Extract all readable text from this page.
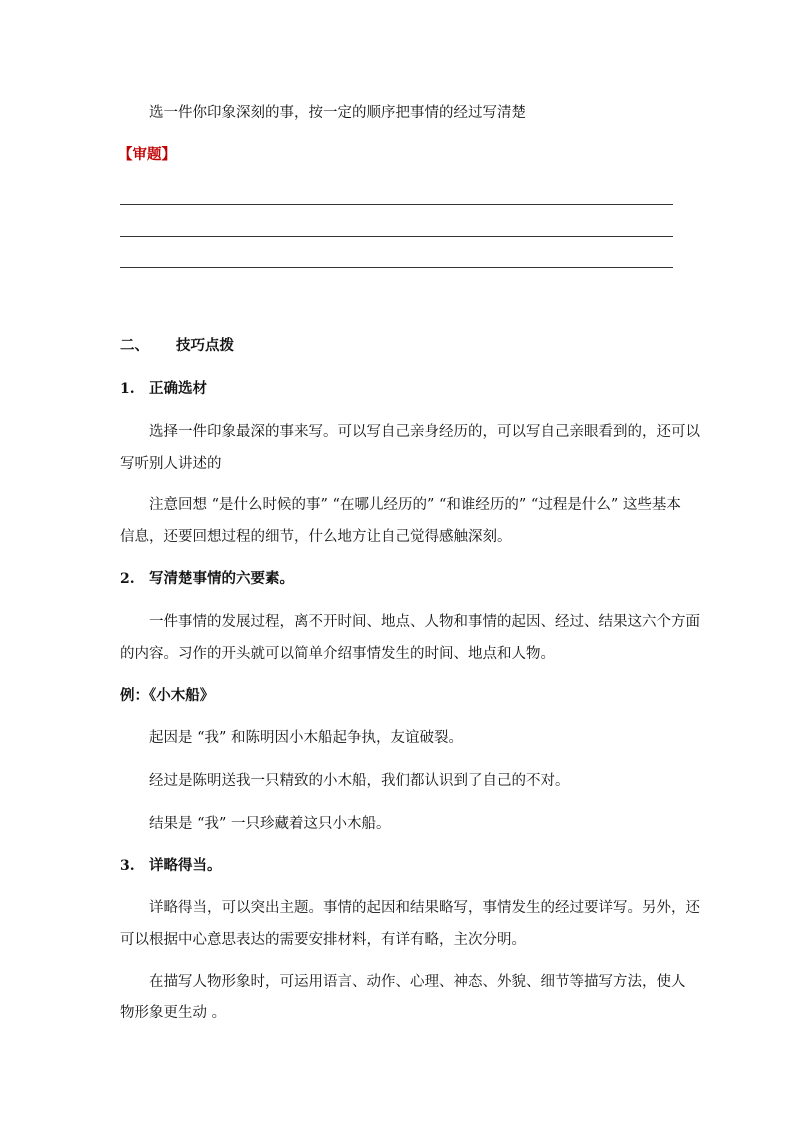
选一件你印象深刻的事，按一定的顺序把事情的经过写清楚
【审题】
二、 技巧点拨
1. 正确选材
选择一件印象最深的事来写。可以写自己亲身经历的，可以写自己亲眼看到的，还可以
写听别人讲述的
注意回想 “是什么时候的事” “在哪儿经历的” “和谁经历的” “过程是什么” 这些基本
信息，还要回想过程的细节，什么地方让自己觉得感触深刻。
2. 写清楚事情的六要素。
一件事情的发展过程，离不开时间、地点、人物和事情的起因、经过、结果这六个方面
的内容。习作的开头就可以简单介绍事情发生的时间、地点和人物。
例：《小木船》
起因是 “我” 和陈明因小木船起争执，友谊破裂。
经过是陈明送我一只精致的小木船，我们都认识到了自己的不对。
结果是 “我” 一只珍藏着这只小木船。
3. 详略得当。
详略得当，可以突出主题。事情的起因和结果略写，事情发生的经过要详写。另外，还
可以根据中心意思表达的需要安排材料，有详有略，主次分明。
在描写人物形象时，可运用语言、动作、心理、神态、外貌、细节等描写方法，使人
物形象更生动 。
